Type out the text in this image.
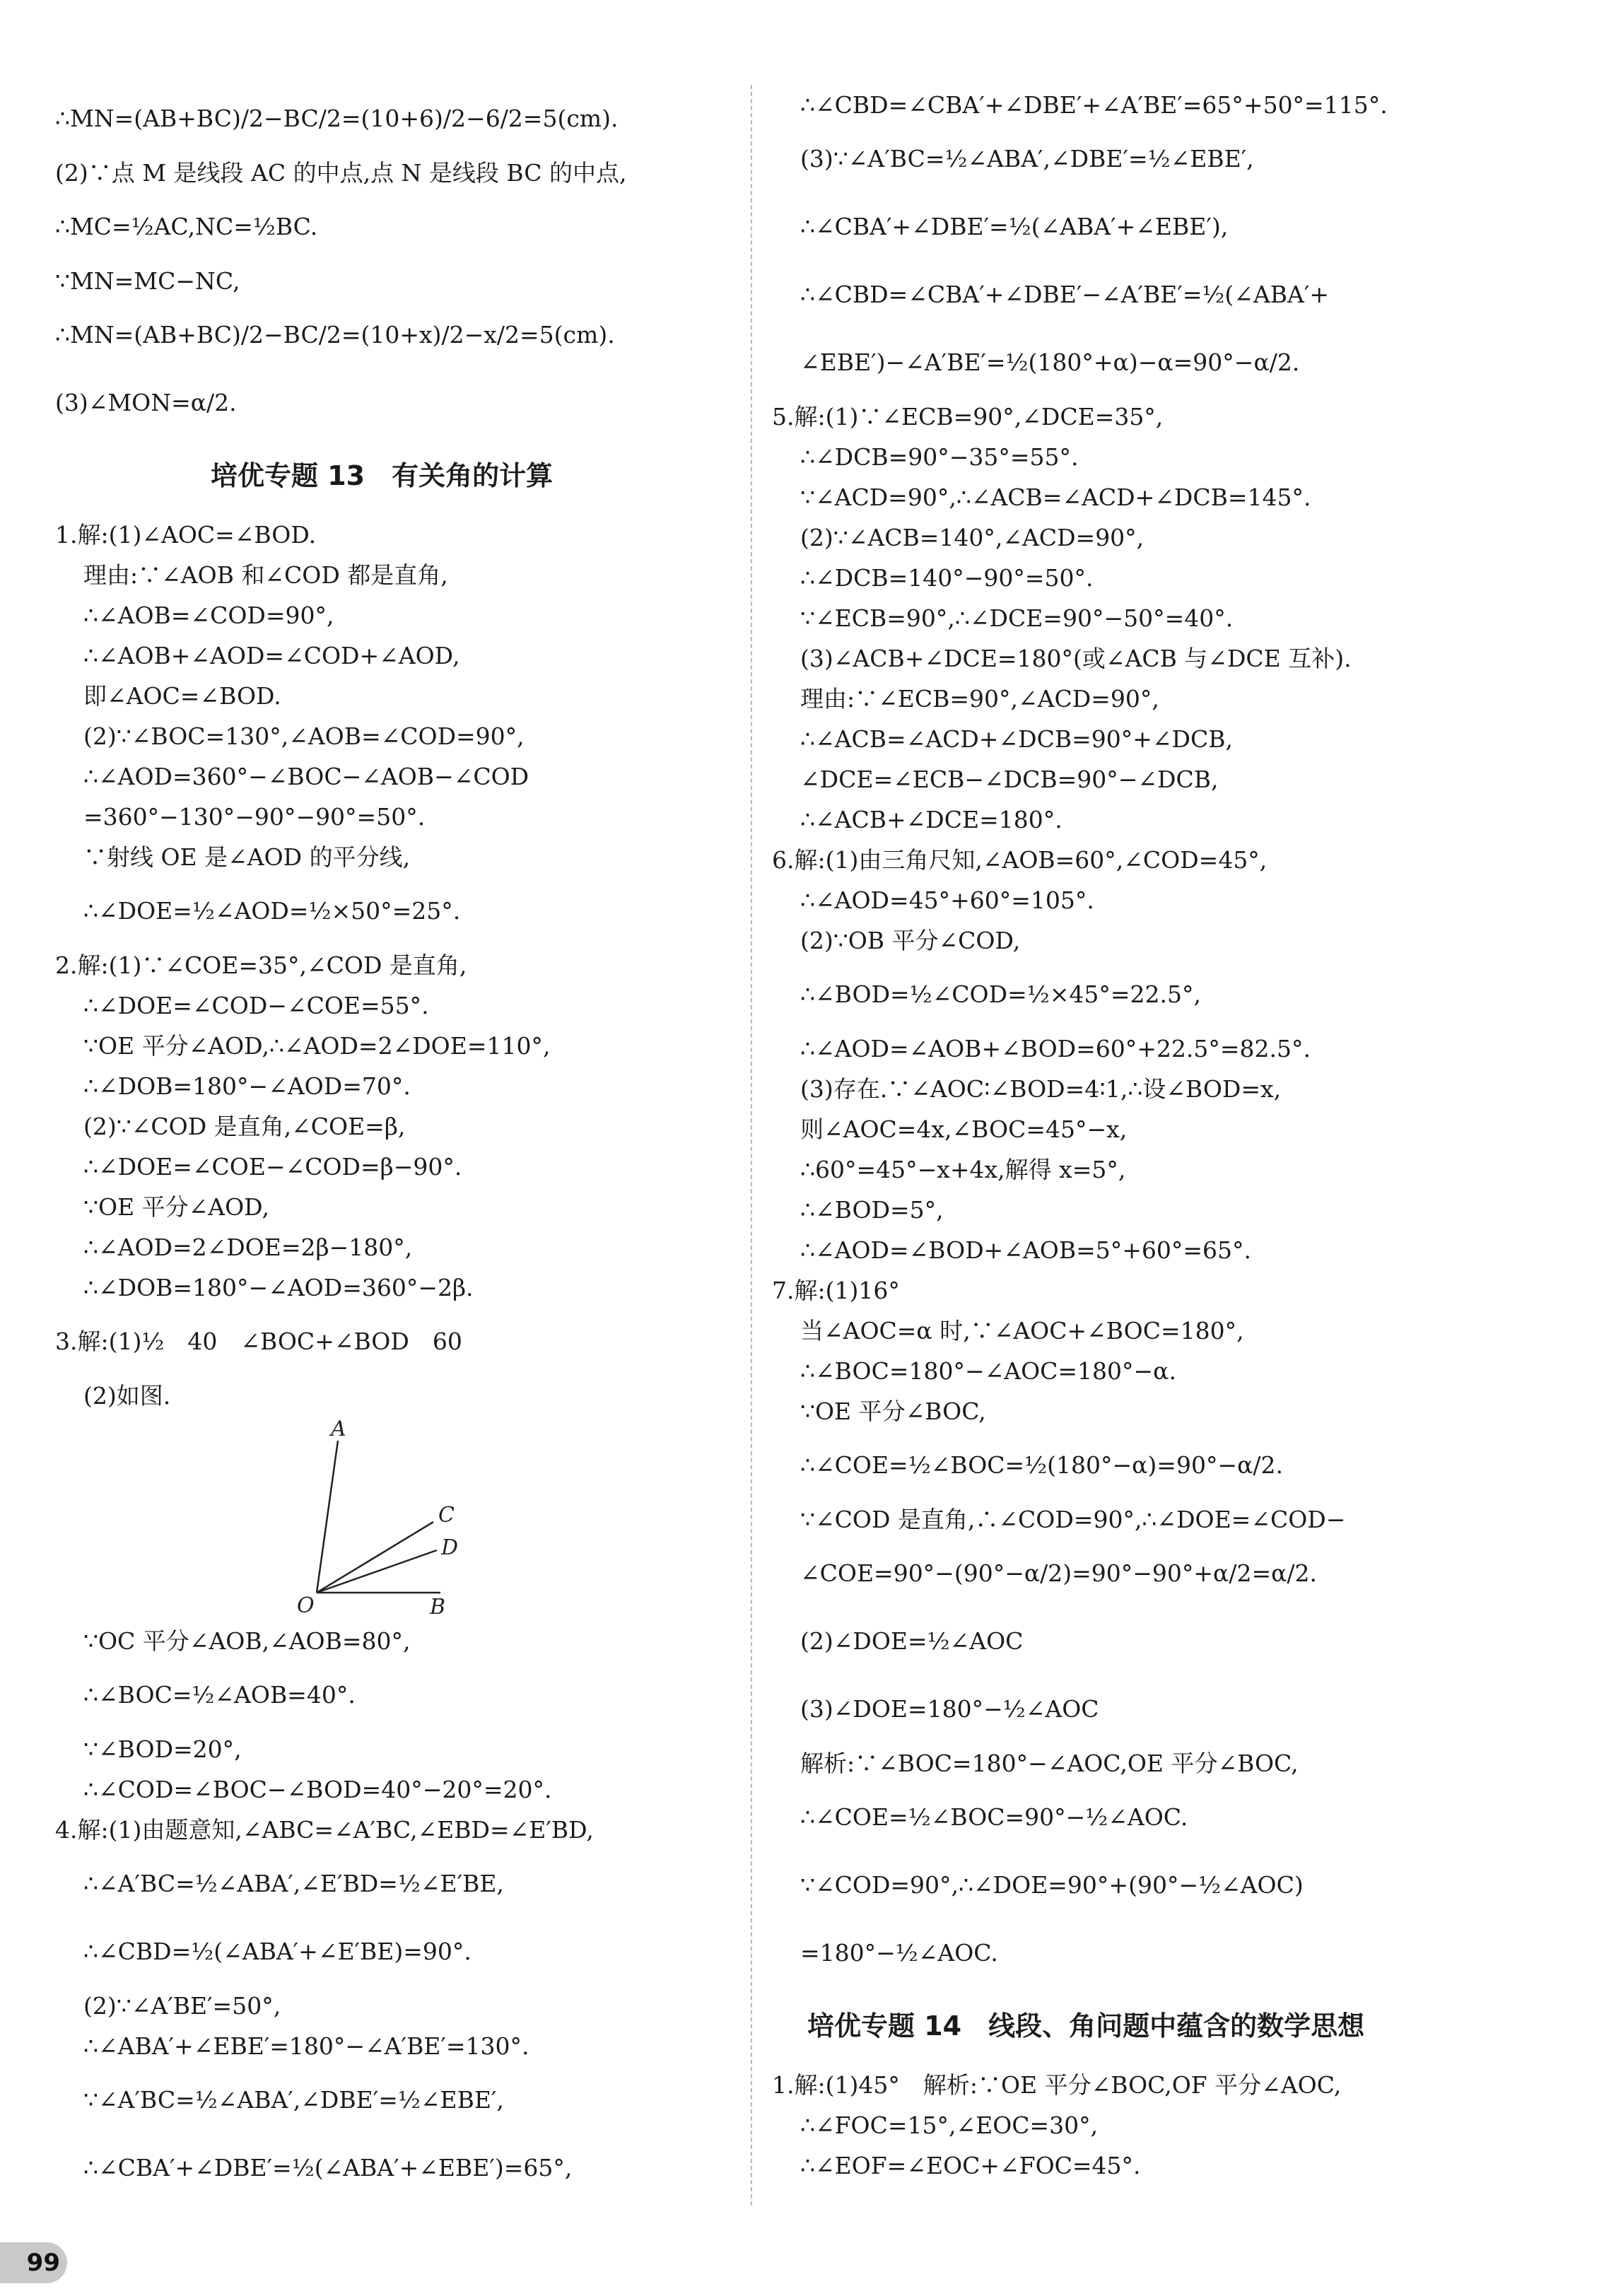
∴MN=(AB+BC)/2−BC/2=(10+6)/2−6/2=5(cm).
(2)∵点 M 是线段 AC 的中点,点 N 是线段 BC 的中点,
∴MC=½AC,NC=½BC.
∵MN=MC−NC,
∴MN=(AB+BC)/2−BC/2=(10+x)/2−x/2=5(cm).
(3)∠MON=α/2.
培优专题 13　有关角的计算
1.解:(1)∠AOC=∠BOD.
理由:∵∠AOB 和∠COD 都是直角,
∴∠AOB=∠COD=90°,
∴∠AOB+∠AOD=∠COD+∠AOD,
即∠AOC=∠BOD.
(2)∵∠BOC=130°,∠AOB=∠COD=90°,
∴∠AOD=360°−∠BOC−∠AOB−∠COD
=360°−130°−90°−90°=50°.
∵射线 OE 是∠AOD 的平分线,
∴∠DOE=½∠AOD=½×50°=25°.
2.解:(1)∵∠COE=35°,∠COD 是直角,
∴∠DOE=∠COD−∠COE=55°.
∵OE 平分∠AOD,∴∠AOD=2∠DOE=110°,
∴∠DOB=180°−∠AOD=70°.
(2)∵∠COD 是直角,∠COE=β,
∴∠DOE=∠COE−∠COD=β−90°.
∵OE 平分∠AOD,
∴∠AOD=2∠DOE=2β−180°,
∴∠DOB=180°−∠AOD=360°−2β.
3.解:(1)½　40　∠BOC+∠BOD　60
(2)如图.
A
C
D
O	B
∵OC 平分∠AOB,∠AOB=80°,
∴∠BOC=½∠AOB=40°.
∵∠BOD=20°,
∴∠COD=∠BOC−∠BOD=40°−20°=20°.
4.解:(1)由题意知,∠ABC=∠A′BC,∠EBD=∠E′BD,
∴∠A′BC=½∠ABA′,∠E′BD=½∠E′BE,
∴∠CBD=½(∠ABA′+∠E′BE)=90°.
(2)∵∠A′BE′=50°,
∴∠ABA′+∠EBE′=180°−∠A′BE′=130°.
∵∠A′BC=½∠ABA′,∠DBE′=½∠EBE′,
∴∠CBA′+∠DBE′=½(∠ABA′+∠EBE′)=65°,
∴∠CBD=∠CBA′+∠DBE′+∠A′BE′=65°+50°=115°.
(3)∵∠A′BC=½∠ABA′,∠DBE′=½∠EBE′,
∴∠CBA′+∠DBE′=½(∠ABA′+∠EBE′),
∴∠CBD=∠CBA′+∠DBE′−∠A′BE′=½(∠ABA′+
∠EBE′)−∠A′BE′=½(180°+α)−α=90°−α/2.
5.解:(1)∵∠ECB=90°,∠DCE=35°,
∴∠DCB=90°−35°=55°.
∵∠ACD=90°,∴∠ACB=∠ACD+∠DCB=145°.
(2)∵∠ACB=140°,∠ACD=90°,
∴∠DCB=140°−90°=50°.
∵∠ECB=90°,∴∠DCE=90°−50°=40°.
(3)∠ACB+∠DCE=180°(或∠ACB 与∠DCE 互补).
理由:∵∠ECB=90°,∠ACD=90°,
∴∠ACB=∠ACD+∠DCB=90°+∠DCB,
∠DCE=∠ECB−∠DCB=90°−∠DCB,
∴∠ACB+∠DCE=180°.
6.解:(1)由三角尺知,∠AOB=60°,∠COD=45°,
∴∠AOD=45°+60°=105°.
(2)∵OB 平分∠COD,
∴∠BOD=½∠COD=½×45°=22.5°,
∴∠AOD=∠AOB+∠BOD=60°+22.5°=82.5°.
(3)存在.∵∠AOC∶∠BOD=4∶1,∴设∠BOD=x,
则∠AOC=4x,∠BOC=45°−x,
∴60°=45°−x+4x,解得 x=5°,
∴∠BOD=5°,
∴∠AOD=∠BOD+∠AOB=5°+60°=65°.
7.解:(1)16°
当∠AOC=α 时,∵∠AOC+∠BOC=180°,
∴∠BOC=180°−∠AOC=180°−α.
∵OE 平分∠BOC,
∴∠COE=½∠BOC=½(180°−α)=90°−α/2.
∵∠COD 是直角,∴∠COD=90°,∴∠DOE=∠COD−
∠COE=90°−(90°−α/2)=90°−90°+α/2=α/2.
(2)∠DOE=½∠AOC
(3)∠DOE=180°−½∠AOC
解析:∵∠BOC=180°−∠AOC,OE 平分∠BOC,
∴∠COE=½∠BOC=90°−½∠AOC.
∵∠COD=90°,∴∠DOE=90°+(90°−½∠AOC)
=180°−½∠AOC.
培优专题 14　线段、角问题中蕴含的数学思想
1.解:(1)45°　解析:∵OE 平分∠BOC,OF 平分∠AOC,
∴∠FOC=15°,∠EOC=30°,
∴∠EOF=∠EOC+∠FOC=45°.
99
